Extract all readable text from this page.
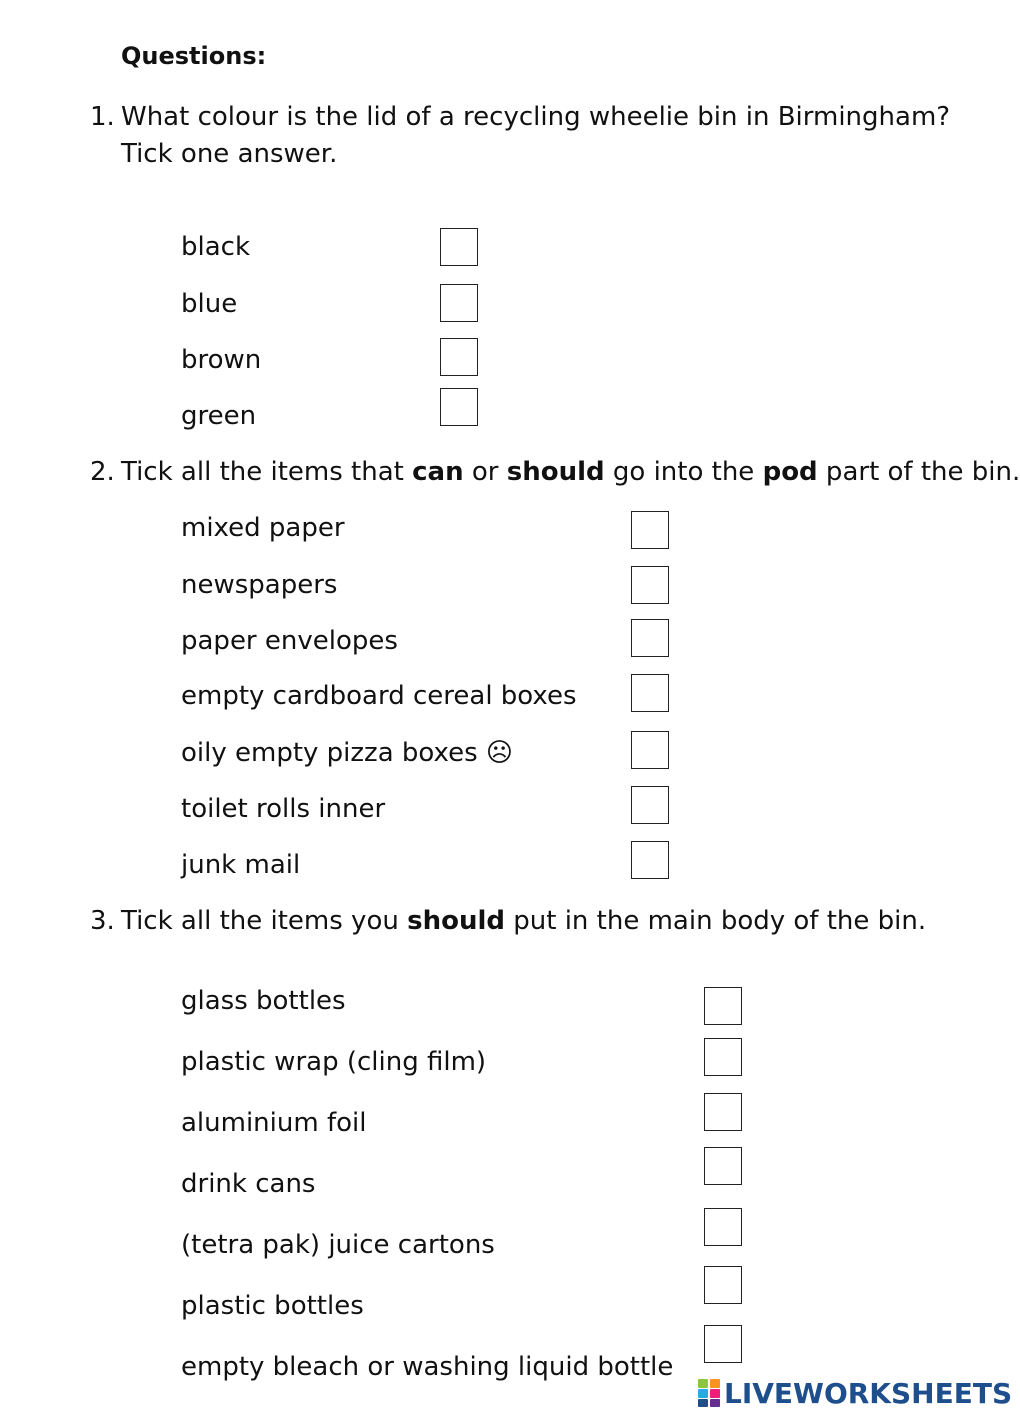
Questions:
1. What colour is the lid of a recycling wheelie bin in Birmingham?
Tick one answer.
black
blue
brown
green
2. Tick all the items that can or should go into the pod part of the bin.
mixed paper
newspapers
paper envelopes
empty cardboard cereal boxes
oily empty pizza boxes ☹
toilet rolls inner
junk mail
3. Tick all the items you should put in the main body of the bin.
glass bottles
plastic wrap (cling film)
aluminium foil
drink cans
(tetra pak) juice cartons
plastic bottles
empty bleach or washing liquid bottle
LIVEWORKSHEETS
